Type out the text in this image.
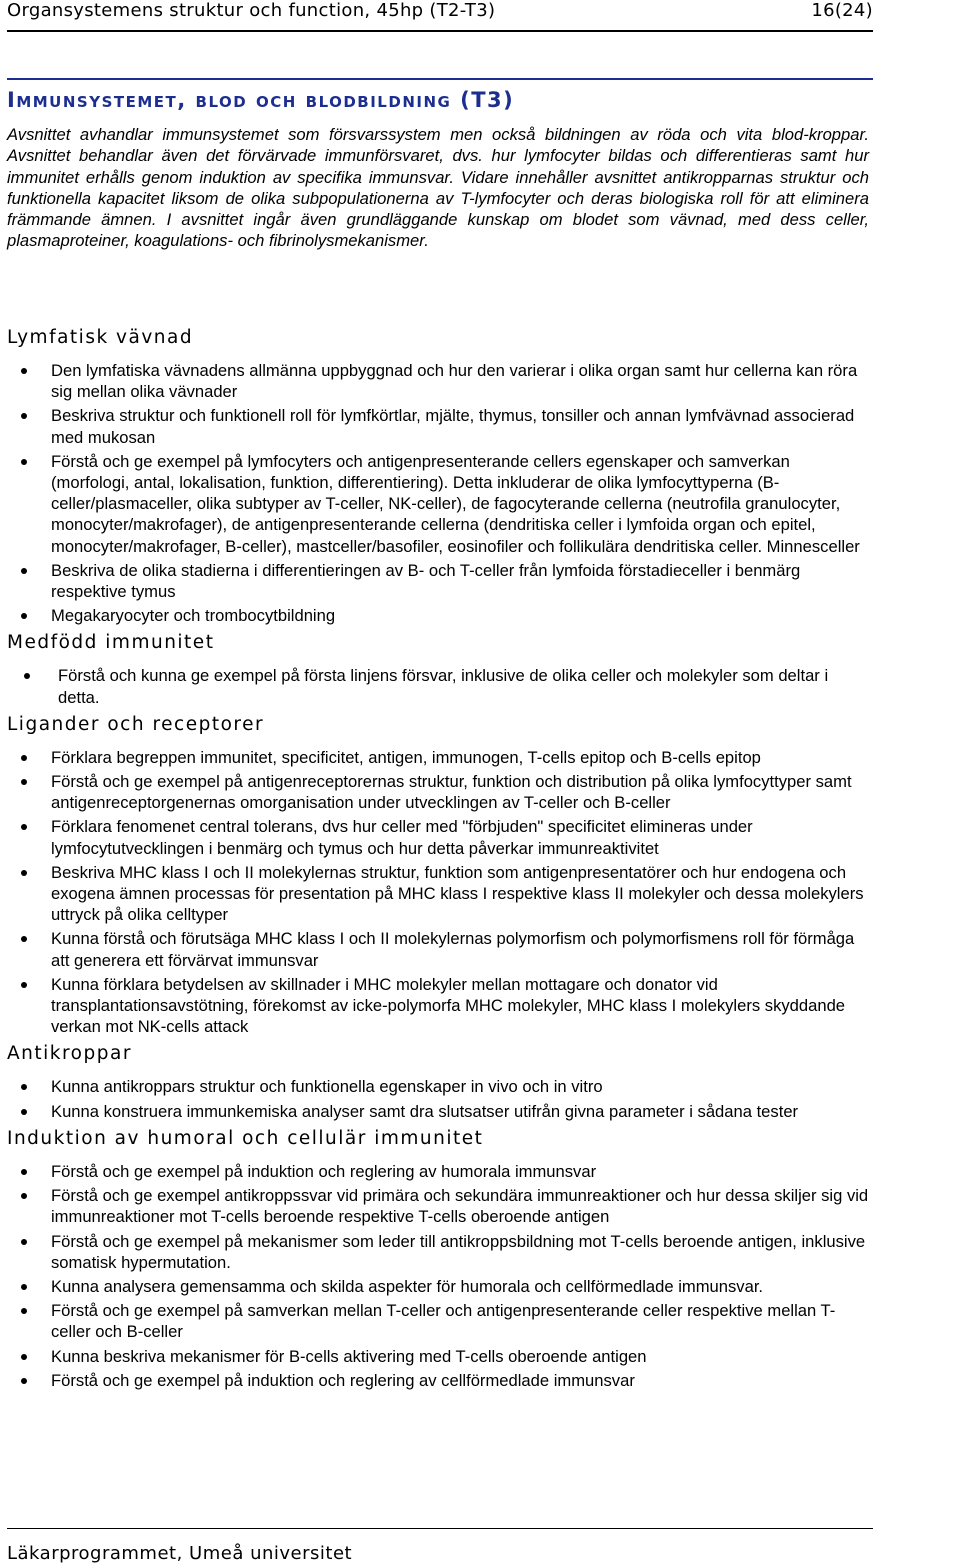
Organsystemens struktur och function, 45hp (T2-T3)	16(24)
Immunsystemet, blod och blodbildning (T3)

Avsnittet avhandlar immunsystemet som försvarssystem men också bildningen av röda och vita blod-kroppar. Avsnittet behandlar även det förvärvade immunförsvaret, dvs. hur lymfocyter bildas och differentieras samt hur immunitet erhålls genom induktion av specifika immunsvar. Vidare innehåller avsnittet antikropparnas struktur och funktionella kapacitet liksom de olika subpopulationerna av T-lymfocyter och deras biologiska roll för att eliminera främmande ämnen. I avsnittet ingår även grundläggande kunskap om blodet som vävnad, med dess celler, plasmaproteiner, koagulations- och fibrinolysmekanismer.

Lymfatisk vävnad
Den lymfatiska vävnadens allmänna uppbyggnad och hur den varierar i olika organ samt hur cellerna kan röra sig mellan olika vävnader
Beskriva struktur och funktionell roll för lymfkörtlar, mjälte, thymus, tonsiller och annan lymfvävnad associerad med mukosan
Förstå och ge exempel på lymfocyters och antigenpresenterande cellers egenskaper och samverkan (morfologi, antal, lokalisation, funktion, differentiering). Detta inkluderar de olika lymfocyttyperna (B-celler/plasmaceller, olika subtyper av T-celler, NK-celler), de fagocyterande cellerna (neutrofila granulocyter, monocyter/makrofager), de antigenpresenterande cellerna (dendritiska celler i lymfoida organ och epitel, monocyter/makrofager, B-celler), mastceller/basofiler, eosinofiler och follikulära dendritiska celler. Minnesceller
Beskriva de olika stadierna i differentieringen av B- och T-celler från lymfoida förstadieceller i benmärg respektive tymus
Megakaryocyter och trombocytbildning
Medfödd immunitet
Förstå och kunna ge exempel på första linjens försvar, inklusive de olika celler och molekyler som deltar i detta.
Ligander och receptorer
Förklara begreppen immunitet, specificitet, antigen, immunogen, T-cells epitop och B-cells epitop
Förstå och ge exempel på antigenreceptorernas struktur, funktion och distribution på olika lymfocyttyper samt antigenreceptorgenernas omorganisation under utvecklingen av T-celler och B-celler
Förklara fenomenet central tolerans, dvs hur celler med "förbjuden" specificitet elimineras under lymfocytutvecklingen i benmärg och tymus och hur detta påverkar immunreaktivitet
Beskriva MHC klass I och II molekylernas struktur, funktion som antigenpresentatörer och hur endogena och exogena ämnen processas för presentation på MHC klass I respektive klass II molekyler och dessa molekylers uttryck på olika celltyper
Kunna förstå och förutsäga MHC klass I och II molekylernas polymorfism och polymorfismens roll för förmåga att generera ett förvärvat immunsvar
Kunna förklara betydelsen av skillnader i MHC molekyler mellan mottagare och donator vid transplantationsavstötning, förekomst av icke-polymorfa MHC molekyler, MHC klass I molekylers skyddande verkan mot NK-cells attack
Antikroppar
Kunna antikroppars struktur och funktionella egenskaper in vivo och in vitro
Kunna konstruera immunkemiska analyser samt dra slutsatser utifrån givna parameter i sådana tester
Induktion av humoral och cellulär immunitet
Förstå och ge exempel på induktion och reglering av humorala immunsvar
Förstå och ge exempel antikroppssvar vid primära och sekundära immunreaktioner och hur dessa skiljer sig vid immunreaktioner mot T-cells beroende respektive T-cells oberoende antigen
Förstå och ge exempel på mekanismer som leder till antikroppsbildning mot T-cells beroende antigen, inklusive somatisk hypermutation.
Kunna analysera gemensamma och skilda aspekter för humorala och cellförmedlade immunsvar.
Förstå och ge exempel på samverkan mellan T-celler och antigenpresenterande celler respektive mellan T-celler och B-celler
Kunna beskriva mekanismer för B-cells aktivering med T-cells oberoende antigen
Förstå och ge exempel på induktion och reglering av cellförmedlade immunsvar
Läkarprogrammet, Umeå universitet
